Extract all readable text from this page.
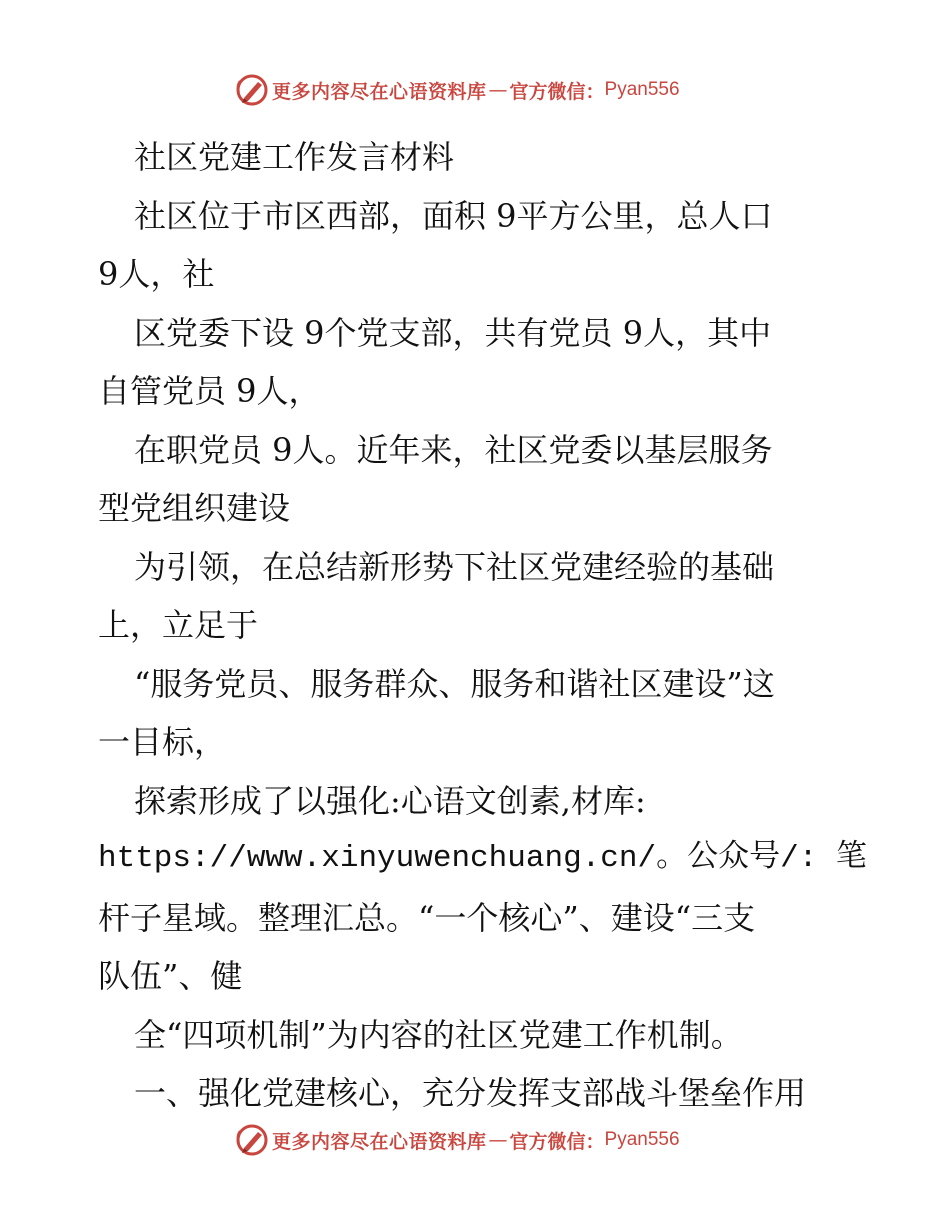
更多内容尽在心语资料库 — 官方微信： Pyan556
社区党建工作发言材料
社区位于市区西部，面积 9平方公里，总人口
9人，社
区党委下设 9个党支部，共有党员 9人，其中
自管党员 9人，
在职党员 9人。近年来，社区党委以基层服务
型党组织建设
为引领，在总结新形势下社区党建经验的基础
上，立足于
“服务党员、服务群众、服务和谐社区建设”这
一目标，
探索形成了以强化:心语文创素,材库:
https://www.xinyuwenchuang.cn/。公众号/: 笔
杆子星域。整理汇总。“一个核心”、建设“三支
队伍”、健
全“四项机制”为内容的社区党建工作机制。
一、强化党建核心，充分发挥支部战斗堡垒作用
更多内容尽在心语资料库 — 官方微信： Pyan556
